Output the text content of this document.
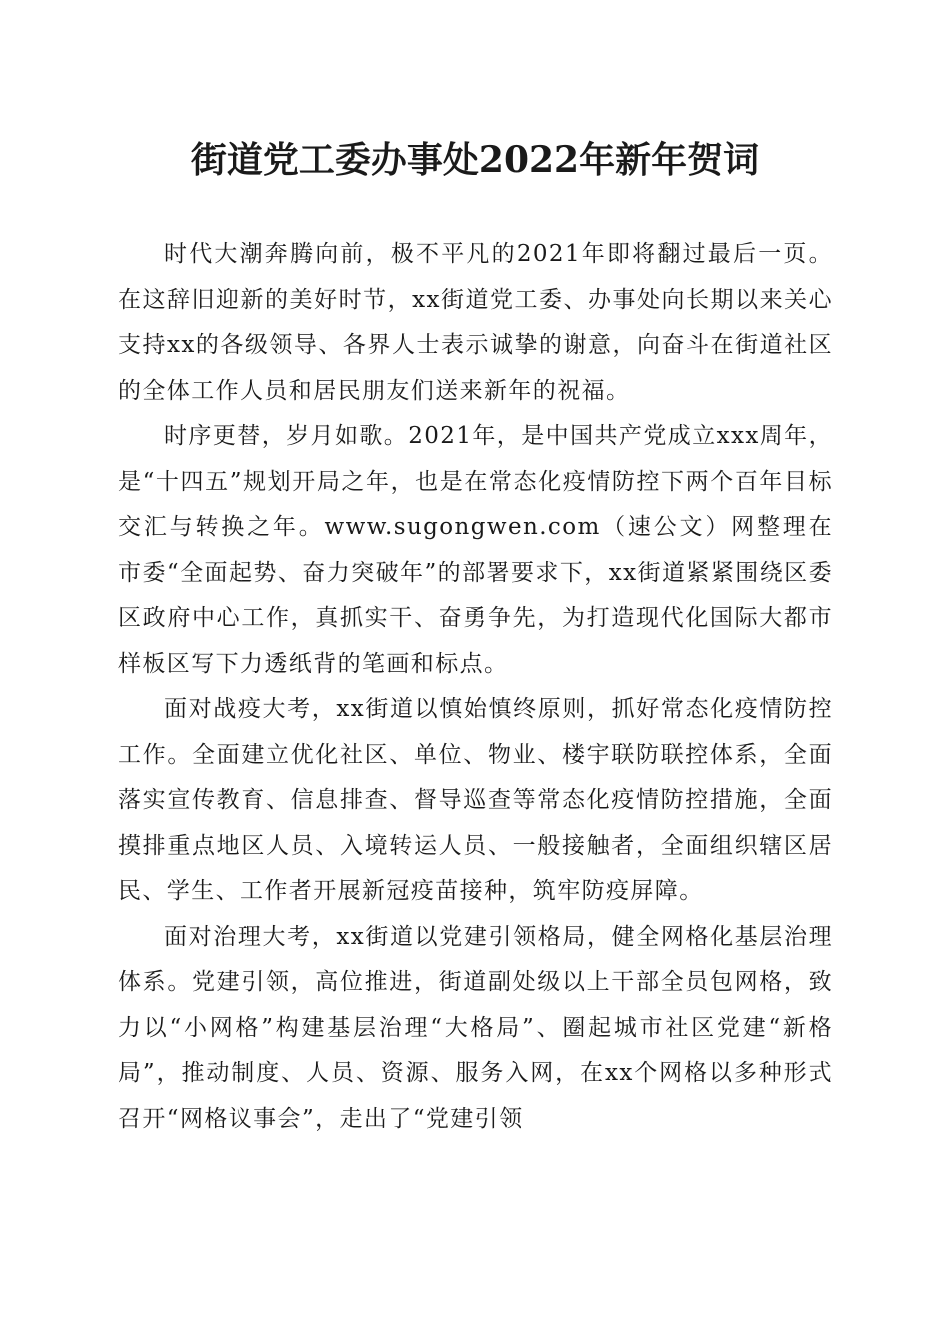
街道党工委办事处2022年新年贺词

时代大潮奔腾向前，极不平凡的2021年即将翻过最后一页。在这辞旧迎新的美好时节，xx街道党工委、办事处向长期以来关心支持xx的各级领导、各界人士表示诚挚的谢意，向奋斗在街道社区的全体工作人员和居民朋友们送来新年的祝福。

时序更替，岁月如歌。2021年，是中国共产党成立xxx周年，是“十四五”规划开局之年，也是在常态化疫情防控下两个百年目标交汇与转换之年。www.sugongwen.com（速公文）网整理在市委“全面起势、奋力突破年”的部署要求下，xx街道紧紧围绕区委区政府中心工作，真抓实干、奋勇争先，为打造现代化国际大都市样板区写下力透纸背的笔画和标点。

面对战疫大考，xx街道以慎始慎终原则，抓好常态化疫情防控工作。全面建立优化社区、单位、物业、楼宇联防联控体系，全面落实宣传教育、信息排查、督导巡查等常态化疫情防控措施，全面摸排重点地区人员、入境转运人员、一般接触者，全面组织辖区居民、学生、工作者开展新冠疫苗接种，筑牢防疫屏障。

面对治理大考，xx街道以党建引领格局，健全网格化基层治理体系。党建引领，高位推进，街道副处级以上干部全员包网格，致力以“小网格”构建基层治理“大格局”、圈起城市社区党建“新格局”，推动制度、人员、资源、服务入网，在xx个网格以多种形式召开“网格议事会”，走出了“党建引领
